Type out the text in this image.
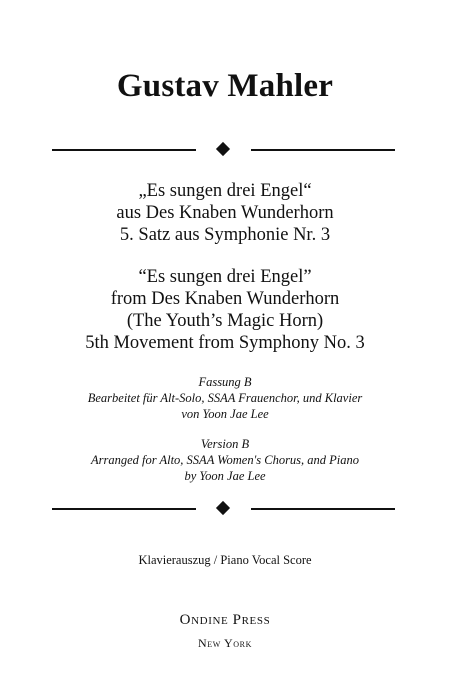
Gustav Mahler
„Es sungen drei Engel“
aus Des Knaben Wunderhorn
5. Satz aus Symphonie Nr. 3
“Es sungen drei Engel”
from Des Knaben Wunderhorn
(The Youth’s Magic Horn)
5th Movement from Symphony No. 3
Fassung B
Bearbeitet für Alt-Solo, SSAA Frauenchor, und Klavier
von Yoon Jae Lee
Version B
Arranged for Alto, SSAA Women's Chorus, and Piano
by Yoon Jae Lee
Klavierauszug / Piano Vocal Score
Ondine Press
New York
